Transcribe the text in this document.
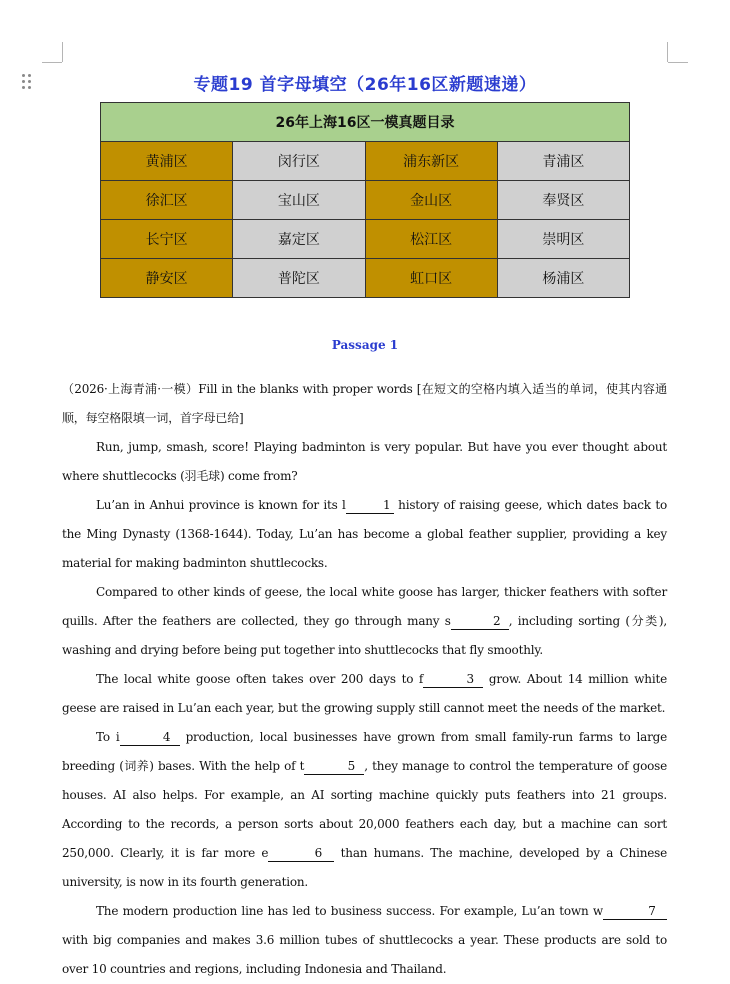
专题19 首字母填空（26年16区新题速递）
26年上海16区一模真题目录			
黄浦区	闵行区	浦东新区	青浦区
徐汇区	宝山区	金山区	奉贤区
长宁区	嘉定区	松江区	崇明区
静安区	普陀区	虹口区	杨浦区
Passage 1

（2026·上海青浦·一模）Fill in the blanks with proper words [在短文的空格内填入适当的单词，使其内容通顺，每空格限填一词，首字母已给]

Run, jump, smash, score! Playing badminton is very popular. But have you ever thought about where shuttlecocks (羽毛球) come from?

Lu’an in Anhui province is known for its l	1 history of raising geese, which dates back to the Ming Dynasty (1368-1644). Today, Lu’an has become a global feather supplier, providing a key material for making badminton shuttlecocks.

Compared to other kinds of geese, the local white goose has larger, thicker feathers with softer quills. After the feathers are collected, they go through many s	2 , including sorting (分类), washing and drying before being put together into shuttlecocks that fly smoothly.

The local white goose often takes over 200 days to f	3 grow. About 14 million white geese are raised in Lu’an each year, but the growing supply still cannot meet the needs of the market.

To i	4 production, local businesses have grown from small family-run farms to large breeding (词养) bases. With the help of t	5 , they manage to control the temperature of goose houses. AI also helps. For example, an AI sorting machine quickly puts feathers into 21 groups. According to the records, a person sorts about 20,000 feathers each day, but a machine can sort 250,000. Clearly, it is far more e	6 than humans. The machine, developed by a Chinese university, is now in its fourth generation.

The modern production line has led to business success. For example, Lu’an town w	7 with big companies and makes 3.6 million tubes of shuttlecocks a year. These products are sold to over 10 countries and regions, including Indonesia and Thailand.
